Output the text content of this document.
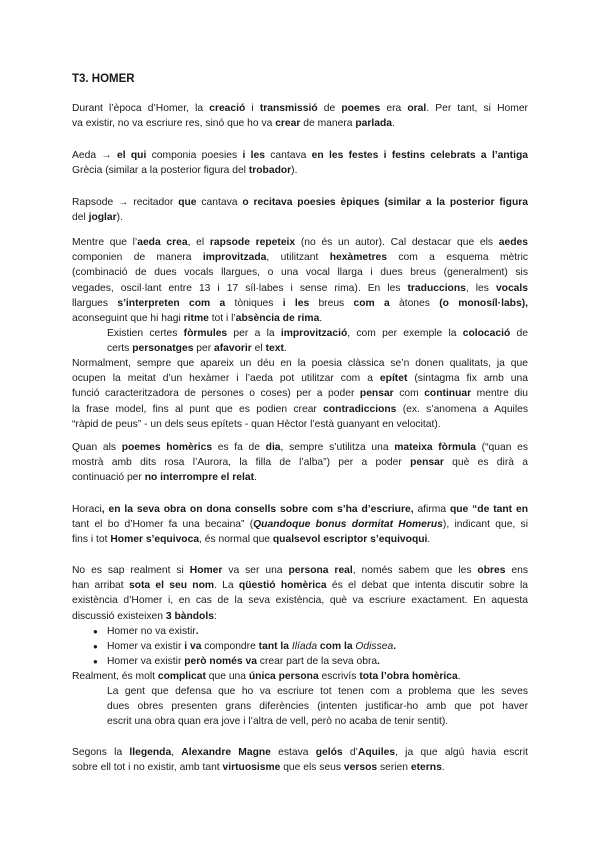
T3. HOMER
Durant l’època d’Homer, la creació i transmissió de poemes era oral. Per tant, si Homer
va existir, no va escriure res, sinó que ho va crear de manera parlada.
Aeda → el qui componia poesies i les cantava en les festes i festins celebrats a l’antiga
Grècia (similar a la posterior figura del trobador).
Rapsode → recitador que cantava o recitava poesies èpiques (similar a la posterior figura
del joglar).
Mentre que l’aeda crea, el rapsode repeteix (no és un autor). Cal destacar que els aedes
componien de manera improvitzada, utilitzant hexàmetres com a esquema mètric
(combinació de dues vocals llargues, o una vocal llarga i dues breus (generalment) sis
vegades, oscil·lant entre 13 i 17 síl·labes i sense rima). En les traduccions, les vocals
llargues s’interpreten com a tòniques i les breus com a àtones (o monosíl·labs),
aconseguint que hi hagi ritme tot i l’absència de rima.
Existien certes fòrmules per a la improvització, com per exemple la colocació de
certs personatges per afavorir el text.
Normalment, sempre que apareix un déu en la poesia clàssica se’n donen qualitats, ja que
ocupen la meitat d’un hexàmer i l’aeda pot utilitzar com a epítet (sintagma fix amb una
funció caracteritzadora de persones o coses) per a poder pensar com continuar mentre diu
la frase model, fins al punt que es podien crear contradiccions (ex. s’anomena a Aquiles
“ràpid de peus” - un dels seus epítets - quan Hèctor l’està guanyant en velocitat).
Quan als poemes homèrics es fa de dia, sempre s’utilitza una mateixa fòrmula (“quan es
mostrà amb dits rosa l’Aurora, la filla de l’alba”) per a poder pensar què es dirà a
continuació per no interrompre el relat.
Horaci, en la seva obra on dona consells sobre com s’ha d’escriure, afirma que “de tant en
tant el bo d’Homer fa una becaina” (Quandoque bonus dormitat Homerus), indicant que, si
fins i tot Homer s’equivoca, és normal que qualsevol escriptor s’equivoqui.
No es sap realment si Homer va ser una persona real, només sabem que les obres ens
han arribat sota el seu nom. La qüestió homèrica és el debat que intenta discutir sobre la
existència d’Homer i, en cas de la seva existència, què va escriure exactament. En aquesta
discussió existeixen 3 bàndols:
● Homer no va existir.
● Homer va existir i va compondre tant la Ilíada com la Odissea.
● Homer va existir però només va crear part de la seva obra.
Realment, és molt complicat que una única persona escrivís tota l’obra homèrica.
La gent que defensa que ho va escriure tot tenen com a problema que les seves
dues obres presenten grans diferències (intenten justificar-ho amb que pot haver
escrit una obra quan era jove i l’altra de vell, però no acaba de tenir sentit).
Segons la llegenda, Alexandre Magne estava gelós d’Aquiles, ja que algú havia escrit
sobre ell tot i no existir, amb tant virtuosisme que els seus versos serien eterns.
